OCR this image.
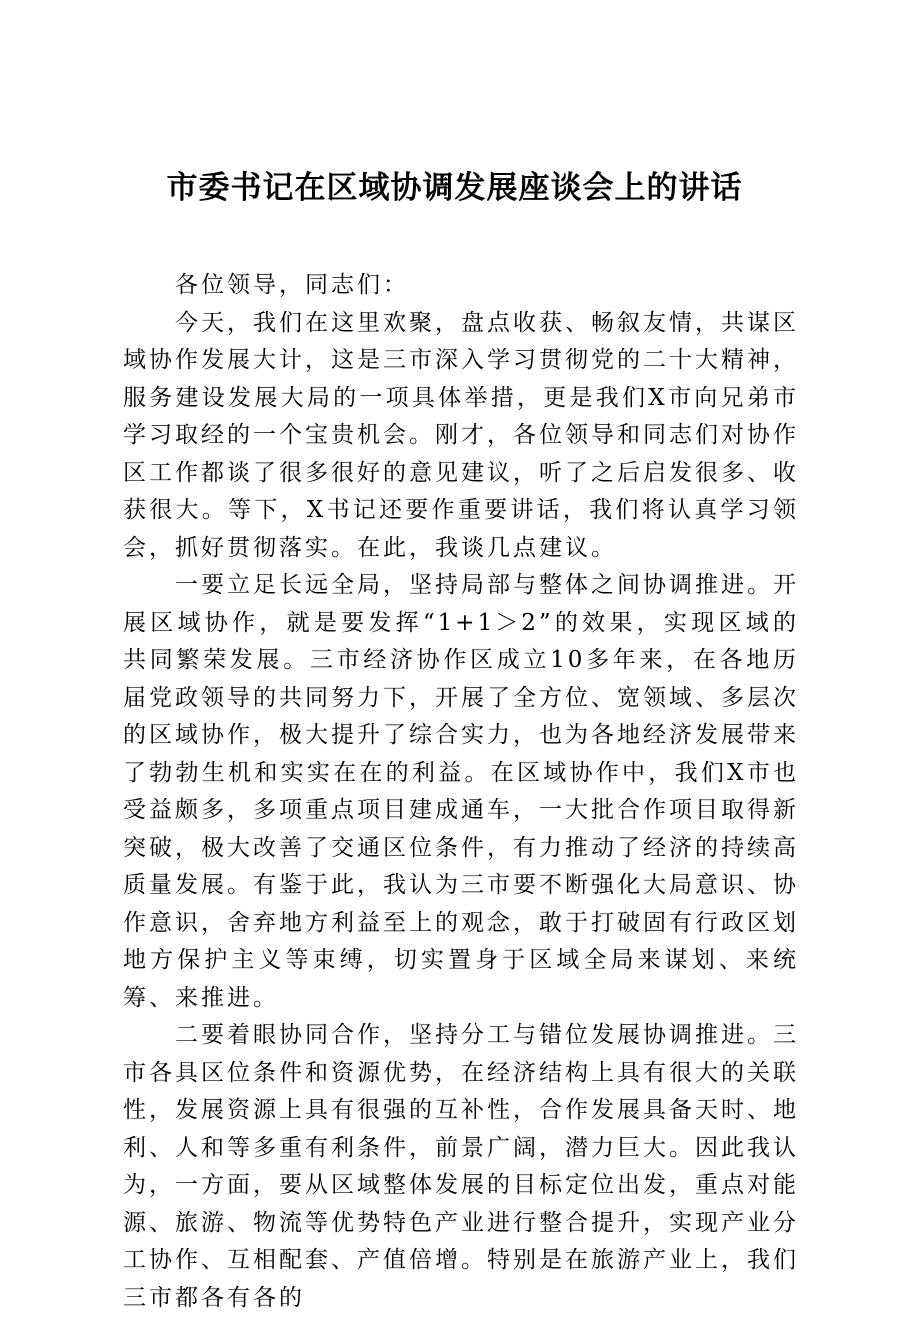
市委书记在区域协调发展座谈会上的讲话

各位领导，同志们：

今天，我们在这里欢聚，盘点收获、畅叙友情，共谋区域协作发展大计，这是三市深入学习贯彻党的二十大精神，服务建设发展大局的一项具体举措，更是我们X市向兄弟市学习取经的一个宝贵机会。刚才，各位领导和同志们对协作区工作都谈了很多很好的意见建议，听了之后启发很多、收获很大。等下，X书记还要作重要讲话，我们将认真学习领会，抓好贯彻落实。在此，我谈几点建议。

一要立足长远全局，坚持局部与整体之间协调推进。开展区域协作，就是要发挥“1+1＞2”的效果，实现区域的共同繁荣发展。三市经济协作区成立10多年来，在各地历届党政领导的共同努力下，开展了全方位、宽领域、多层次的区域协作，极大提升了综合实力，也为各地经济发展带来了勃勃生机和实实在在的利益。在区域协作中，我们X市也受益颇多，多项重点项目建成通车，一大批合作项目取得新突破，极大改善了交通区位条件，有力推动了经济的持续高质量发展。有鉴于此，我认为三市要不断强化大局意识、协作意识，舍弃地方利益至上的观念，敢于打破固有行政区划地方保护主义等束缚，切实置身于区域全局来谋划、来统筹、来推进。

二要着眼协同合作，坚持分工与错位发展协调推进。三市各具区位条件和资源优势，在经济结构上具有很大的关联性，发展资源上具有很强的互补性，合作发展具备天时、地利、人和等多重有利条件，前景广阔，潜力巨大。因此我认为，一方面，要从区域整体发展的目标定位出发，重点对能源、旅游、物流等优势特色产业进行整合提升，实现产业分工协作、互相配套、产值倍增。特别是在旅游产业上，我们三市都各有各的
